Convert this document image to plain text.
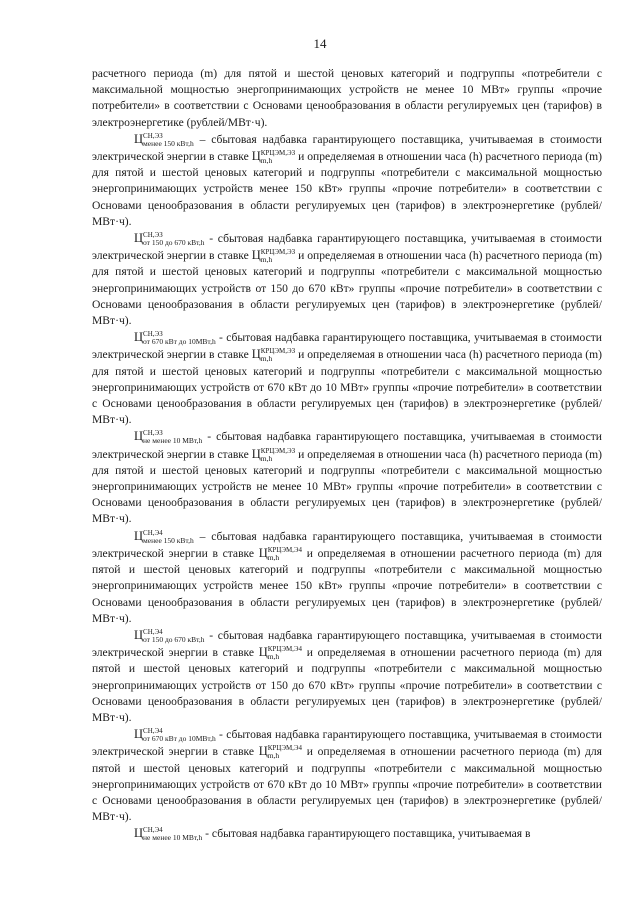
14

расчетного периода (m) для пятой и шестой ценовых категорий и подгруппы «потребители с максимальной мощностью энергопринимающих устройств не менее 10 МВт» группы «прочие потребители» в соответствии с Основами ценообразования в области регулируемых цен (тарифов) в электроэнергетике (рублей/МВт·ч).

Ц СН,ЭЗ
менее 150 кВт,h – сбытовая надбавка гарантирующего поставщика, учитываемая в стоимости электрической энергии в ставке Ц КРЦЭМ,ЭЗ
m,h	и определяемая в отношении часа (h) расчетного периода (m) для пятой и шестой ценовых категорий и подгруппы «потребители с максимальной мощностью энергопринимающих устройств менее 150 кВт» группы «прочие потребители» в соответствии с Основами ценообразования в области регулируемых цен (тарифов) в электроэнергетике (рублей/МВт·ч).

Ц СН,ЭЗ
от 150 до 670 кВт,h - сбытовая надбавка гарантирующего поставщика, учитываемая в стоимости электрической энергии в ставке Ц КРЦЭМ,ЭЗ
m,h	и определяемая в отношении часа (h) расчетного периода (m) для пятой и шестой ценовых категорий и подгруппы «потребители с максимальной мощностью энергопринимающих устройств от 150 до 670 кВт» группы «прочие потребители» в соответствии с Основами ценообразования в области регулируемых цен (тарифов) в электроэнергетике (рублей/МВт·ч).

Ц СН,ЭЗ
от 670 кВт до 10МВт,h - сбытовая надбавка гарантирующего поставщика, учитываемая в стоимости электрической энергии в ставке Ц КРЦЭМ,ЭЗ
m,h	и определяемая в отношении часа (h) расчетного периода (m) для пятой и шестой ценовых категорий и подгруппы «потребители с максимальной мощностью энергопринимающих устройств от 670 кВт до 10 МВт» группы «прочие потребители» в соответствии с Основами ценообразования в области регулируемых цен (тарифов) в электроэнергетике (рублей/МВт·ч).

Ц СН,ЭЗ
не менее 10 МВт,h - сбытовая надбавка гарантирующего поставщика, учитываемая в стоимости электрической энергии в ставке Ц КРЦЭМ,ЭЗ
m,h	и определяемая в отношении часа (h) расчетного периода (m) для пятой и шестой ценовых категорий и подгруппы «потребители с максимальной мощностью энергопринимающих устройств не менее 10 МВт» группы «прочие потребители» в соответствии с Основами ценообразования в области регулируемых цен (тарифов) в электроэнергетике (рублей/МВт·ч).

Ц СН,Э4
менее 150 кВт,h – сбытовая надбавка гарантирующего поставщика, учитываемая в стоимости электрической энергии в ставке Ц КРЦЭМ,Э4
m,h	и определяемая в отношении расчетного периода (m) для пятой и шестой ценовых категорий и подгруппы «потребители с максимальной мощностью энергопринимающих устройств менее 150 кВт» группы «прочие потребители» в соответствии с Основами ценообразования в области регулируемых цен (тарифов) в электроэнергетике (рублей/МВт·ч).

Ц СН,Э4
от 150 до 670 кВт,h - сбытовая надбавка гарантирующего поставщика, учитываемая в стоимости электрической энергии в ставке Ц КРЦЭМ,Э4
m,h	и определяемая в отношении расчетного периода (m) для пятой и шестой ценовых категорий и подгруппы «потребители с максимальной мощностью энергопринимающих устройств от 150 до 670 кВт» группы «прочие потребители» в соответствии с Основами ценообразования в области регулируемых цен (тарифов) в электроэнергетике (рублей/МВт·ч).

Ц СН,Э4
от 670 кВт до 10МВт,h - сбытовая надбавка гарантирующего поставщика, учитываемая в стоимости электрической энергии в ставке Ц КРЦЭМ,Э4
m,h	и определяемая в отношении расчетного периода (m) для пятой и шестой ценовых категорий и подгруппы «потребители с максимальной мощностью энергопринимающих устройств от 670 кВт до 10 МВт» группы «прочие потребители» в соответствии с Основами ценообразования в области регулируемых цен (тарифов) в электроэнергетике (рублей/МВт·ч).

Ц СН,Э4
не менее 10 МВт,h - сбытовая надбавка гарантирующего поставщика, учитываемая в
